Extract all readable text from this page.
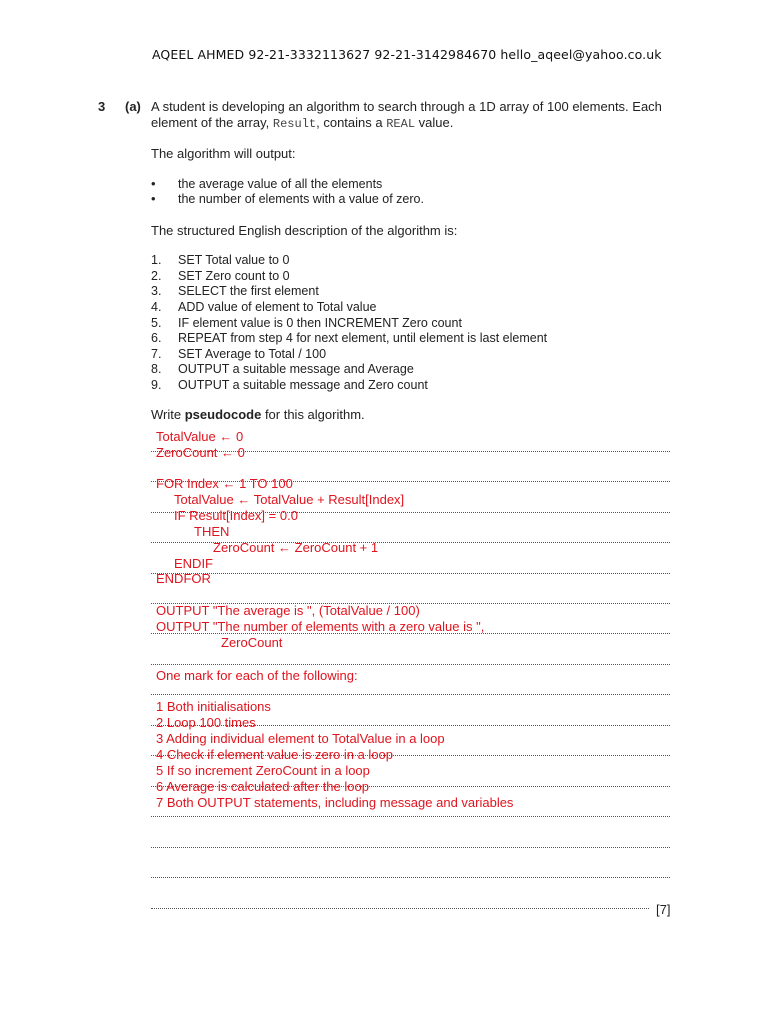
AQEEL AHMED 92-21-3332113627 92-21-3142984670 hello_aqeel@yahoo.co.uk
3 (a) A student is developing an algorithm to search through a 1D array of 100 elements. Each
element of the array, Result, contains a REAL value.
The algorithm will output:
• the average value of all the elements
• the number of elements with a value of zero.
The structured English description of the algorithm is:
1. SET Total value to 0
2. SET Zero count to 0
3. SELECT the first element
4. ADD value of element to Total value
5. IF element value is 0 then INCREMENT Zero count
6. REPEAT from step 4 for next element, until element is last element
7. SET Average to Total / 100
8. OUTPUT a suitable message and Average
9. OUTPUT a suitable message and Zero count
Write pseudocode for this algorithm.
TotalValue ← 0
ZeroCount ← 0
FOR Index ← 1 TO 100
TotalValue ← TotalValue + Result[Index]
IF Result[Index] = 0.0
THEN
ZeroCount ← ZeroCount + 1
ENDIF
ENDFOR
OUTPUT "The average is ", (TotalValue / 100)
OUTPUT "The number of elements with a zero value is ",
ZeroCount
One mark for each of the following:
1 Both initialisations
2 Loop 100 times
3 Adding individual element to TotalValue in a loop
4 Check if element value is zero in a loop
5 If so increment ZeroCount in a loop
6 Average is calculated after the loop
7 Both OUTPUT statements, including message and variables
[7]
